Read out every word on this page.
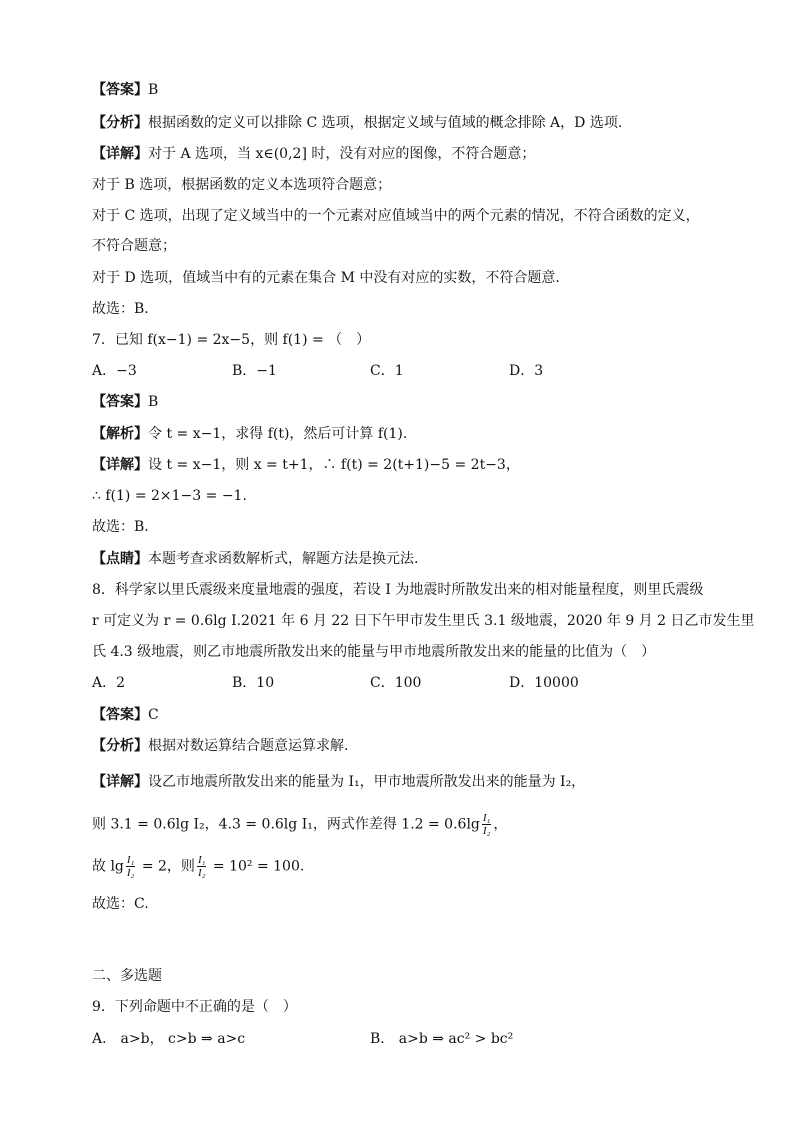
【答案】B
【分析】根据函数的定义可以排除 C 选项，根据定义域与值域的概念排除 A，D 选项.
【详解】对于 A 选项，当 x∈(0,2] 时，没有对应的图像，不符合题意；
对于 B 选项，根据函数的定义本选项符合题意；
对于 C 选项，出现了定义域当中的一个元素对应值域当中的两个元素的情况，不符合函数的定义，
不符合题意；
对于 D 选项，值域当中有的元素在集合 M 中没有对应的实数，不符合题意.
故选：B.
7．已知 f(x−1) = 2x−5，则 f(1) = （　）
A．−3	B．−1	C．1	D．3
【答案】B
【解析】令 t = x−1，求得 f(t)，然后可计算 f(1).
【详解】设 t = x−1，则 x = t+1，∴ f(t) = 2(t+1)−5 = 2t−3，
∴ f(1) = 2×1−3 = −1.
故选：B.
【点睛】本题考查求函数解析式，解题方法是换元法.
8．科学家以里氏震级来度量地震的强度，若设 I 为地震时所散发出来的相对能量程度，则里氏震级
r 可定义为 r = 0.6lg I.2021 年 6 月 22 日下午甲市发生里氏 3.1 级地震，2020 年 9 月 2 日乙市发生里
氏 4.3 级地震，则乙市地震所散发出来的能量与甲市地震所散发出来的能量的比值为（　）
A．2	B．10	C．100	D．10000
【答案】C
【分析】根据对数运算结合题意运算求解.
【详解】设乙市地震所散发出来的能量为 I₁，甲市地震所散发出来的能量为 I₂，
则 3.1 = 0.6lg I₂，4.3 = 0.6lg I₁，两式作差得 $1.2 = 0.6\lg \frac{\text{I₁}}{\text{I₂}}$ ，
故 $\lg \frac{\text{I₁}}{\text{I₂}} = 2$，则 $\frac{\text{I₁}}{\text{I₂}} = 10^2 = 100$.
故选：C.
二、多选题
9．下列命题中不正确的是（　）
A． a>b， c>b ⇒ a>c	B． a>b ⇒ ac² > bc²
